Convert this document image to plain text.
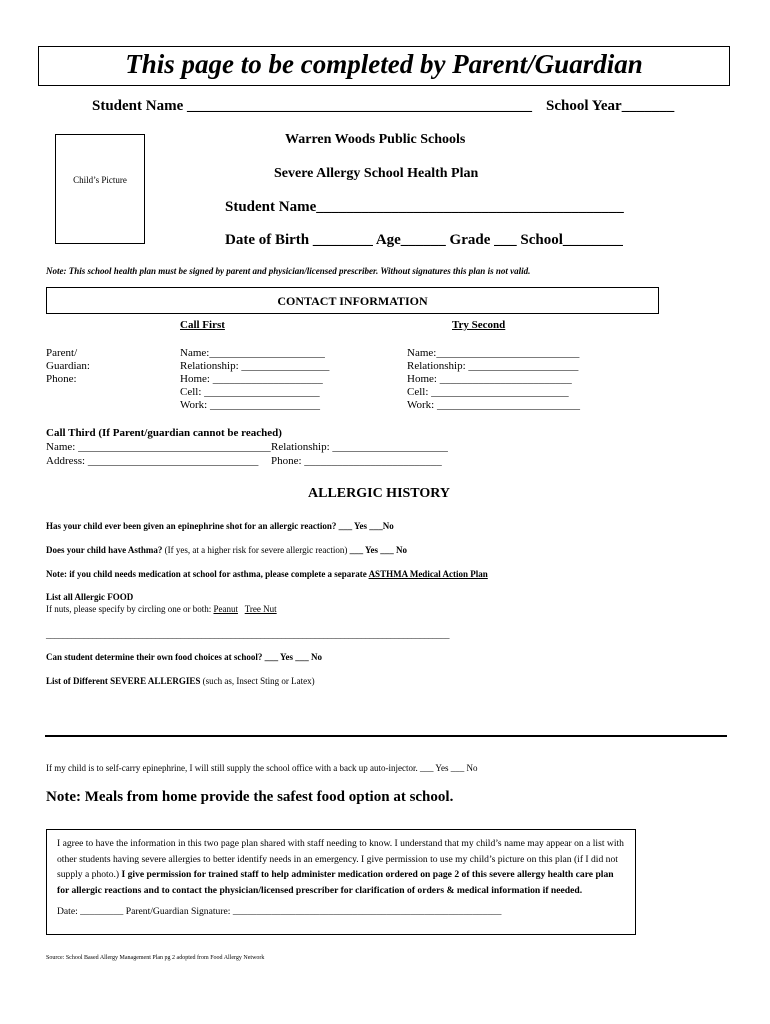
This page to be completed by Parent/Guardian
Student Name ______________________________________________ School Year_______
Child’s Picture
Warren Woods Public Schools
Severe Allergy School Health Plan
Student Name_________________________________________
Date of Birth ________ Age______ Grade ___ School________
Note: This school health plan must be signed by parent and physician/licensed prescriber. Without signatures this plan is not valid.
CONTACT INFORMATION
Call First	Try Second
Parent/
Guardian:
Phone:
Name:_____________________
Relationship: ________________
Home: ____________________
Cell: _____________________
Work: ____________________
Name:__________________________
Relationship: ____________________
Home: ________________________
Cell: _________________________
Work: __________________________
Call Third (If Parent/guardian cannot be reached)
Name: ___________________________________ Relationship: _____________________
Address: _______________________________ Phone: _________________________
ALLERGIC HISTORY
Has your child ever been given an epinephrine shot for an allergic reaction? ___ Yes ___No
Does your child have Asthma? (If yes, at a higher risk for severe allergic reaction) ___ Yes ___ No
Note: if you child needs medication at school for asthma, please complete a separate ASTHMA Medical Action Plan
List all Allergic FOOD
If nuts, please specify by circling one or both: Peanut Tree Nut
________________________________________________________________________________________________
Can student determine their own food choices at school? ___ Yes ___ No
List of Different SEVERE ALLERGIES (such as, Insect Sting or Latex)
If my child is to self-carry epinephrine, I will still supply the school office with a back up auto-injector. ___ Yes ___ No
Note: Meals from home provide the safest food option at school.
I agree to have the information in this two page plan shared with staff needing to know. I understand that my child’s name may appear on a list with other students having severe allergies to better identify needs in an emergency. I give permission to use my child’s picture on this plan (if I did not supply a photo.) I give permission for trained staff to help administer medication ordered on page 2 of this severe allergy health care plan for allergic reactions and to contact the physician/licensed prescriber for clarification of orders & medical information if needed.
Date: _________ Parent/Guardian Signature: ________________________________________________________
Source: School Based Allergy Management Plan pg 2 adopted from Food Allergy Network
